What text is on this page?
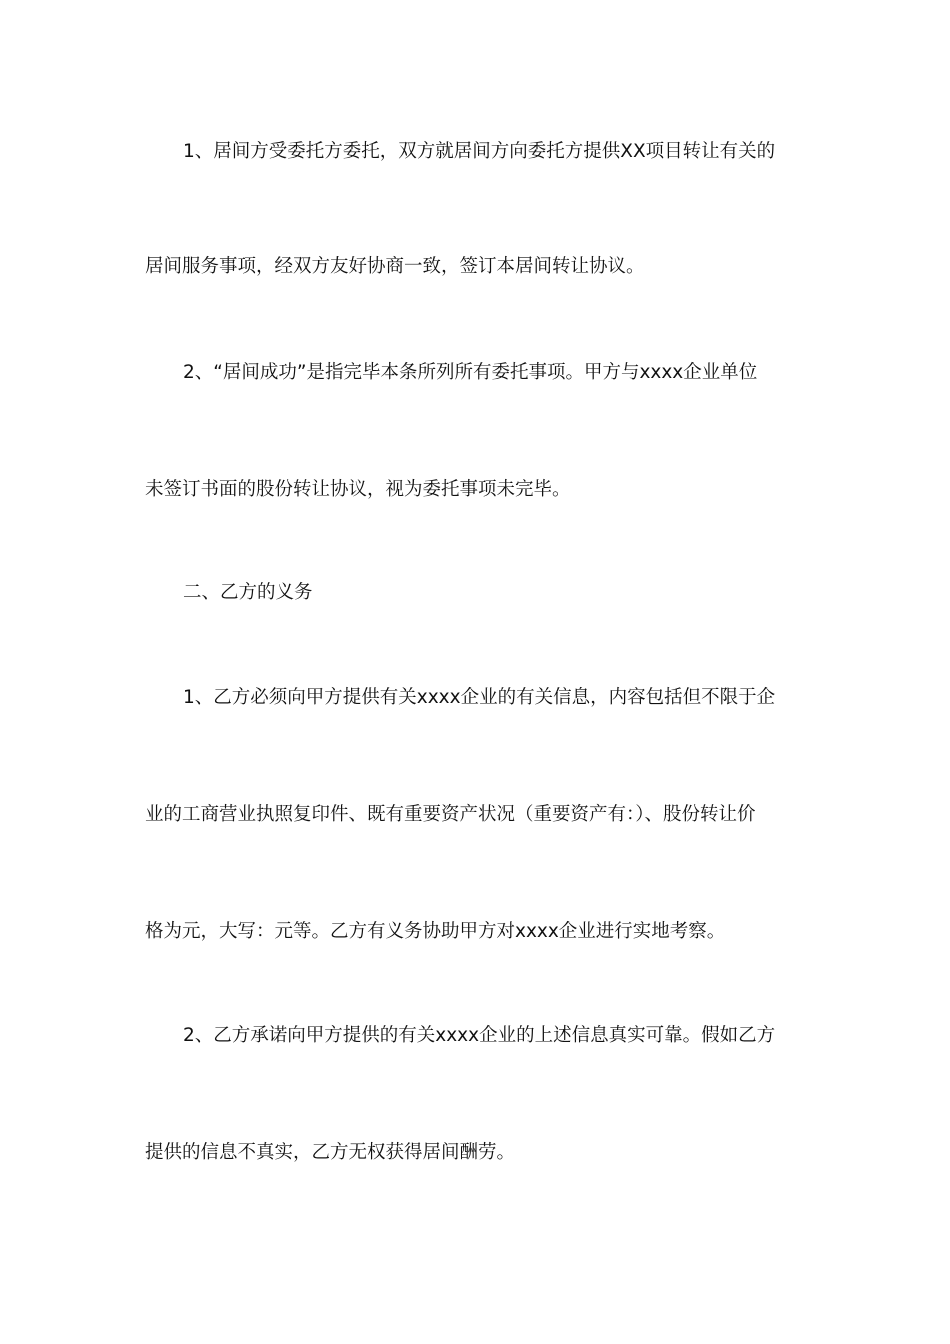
1、居间方受委托方委托，双方就居间方向委托方提供XX项目转让有关的
居间服务事项，经双方友好协商一致，签订本居间转让协议。
2、“居间成功”是指完毕本条所列所有委托事项。甲方与xxxx企业单位
未签订书面的股份转让协议，视为委托事项未完毕。
二、乙方的义务
1、乙方必须向甲方提供有关xxxx企业的有关信息，内容包括但不限于企
业的工商营业执照复印件、既有重要资产状况（重要资产有：）、股份转让价
格为元，大写：元等。乙方有义务协助甲方对xxxx企业进行实地考察。
2、乙方承诺向甲方提供的有关xxxx企业的上述信息真实可靠。假如乙方
提供的信息不真实，乙方无权获得居间酬劳。
